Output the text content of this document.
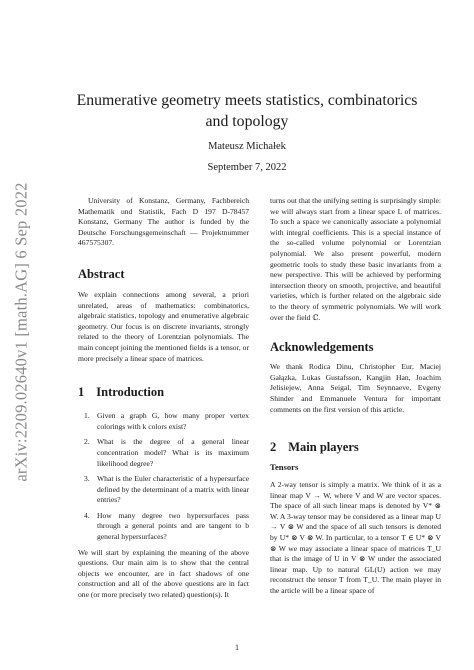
arXiv:2209.02640v1 [math.AG] 6 Sep 2022
Enumerative geometry meets statistics, combinatorics
and topology
Mateusz Michałek
September 7, 2022

University of Konstanz, Germany, Fachbereich Mathematik und Statistik, Fach D 197 D-78457 Konstanz, Germany The author is funded by the Deutsche Forschungsgemeinschaft — Projektnummer 467575307.

Abstract

We explain connections among several, a priori unrelated, areas of mathematics: combinatorics, algebraic statistics, topology and enumerative algebraic geometry. Our focus is on discrete invariants, strongly related to the theory of Lorentzian polynomials. The main concept joining the mentioned fields is a tensor, or more precisely a linear space of matrices.

1 Introduction
1. Given a graph G, how many proper vertex colorings with k colors exist?
2. What is the degree of a general linear concentration model? What is its maximum likelihood degree?
3. What is the Euler characteristic of a hypersurface defined by the determinant of a matrix with linear entries?
4. How many degree two hypersurfaces pass through a general points and are tangent to b general hypersurfaces?

We will start by explaining the meaning of the above questions. Our main aim is to show that the central objects we encounter, are in fact shadows of one construction and all of the above questions are in fact one (or more precisely two related) question(s). It

turns out that the unifying setting is surprisingly simple: we will always start from a linear space L of matrices. To such a space we canonically associate a polynomial with integral coefficients. This is a special instance of the so-called volume polynomial or Lorentzian polynomial. We also present powerful, modern geometric tools to study these basic invariants from a new perspective. This will be achieved by performing intersection theory on smooth, projective, and beautiful varieties, which is further related on the algebraic side to the theory of symmetric polynomials. We will work over the field ℂ.

Acknowledgements

We thank Rodica Dinu, Christopher Eur, Maciej Gałązka, Lukas Gustafsson, Kangjin Han, Joachim Jelisiejew, Anna Seigal, Tim Seynnaeve, Evgeny Shinder and Emmanuele Ventura for important comments on the first version of this article.

2 Main players
Tensors

A 2-way tensor is simply a matrix. We think of it as a linear map V → W, where V and W are vector spaces. The space of all such linear maps is denoted by V* ⊗ W. A 3-way tensor may be considered as a linear map U → V ⊗ W and the space of all such tensors is denoted by U* ⊗ V ⊗ W. In particular, to a tensor T ∈ U* ⊗ V ⊗ W we may associate a linear space of matrices T_U that is the image of U in V ⊗ W under the associated linear map. Up to natural GL(U) action we may reconstruct the tensor T from T_U. The main player in the article will be a linear space of

1
